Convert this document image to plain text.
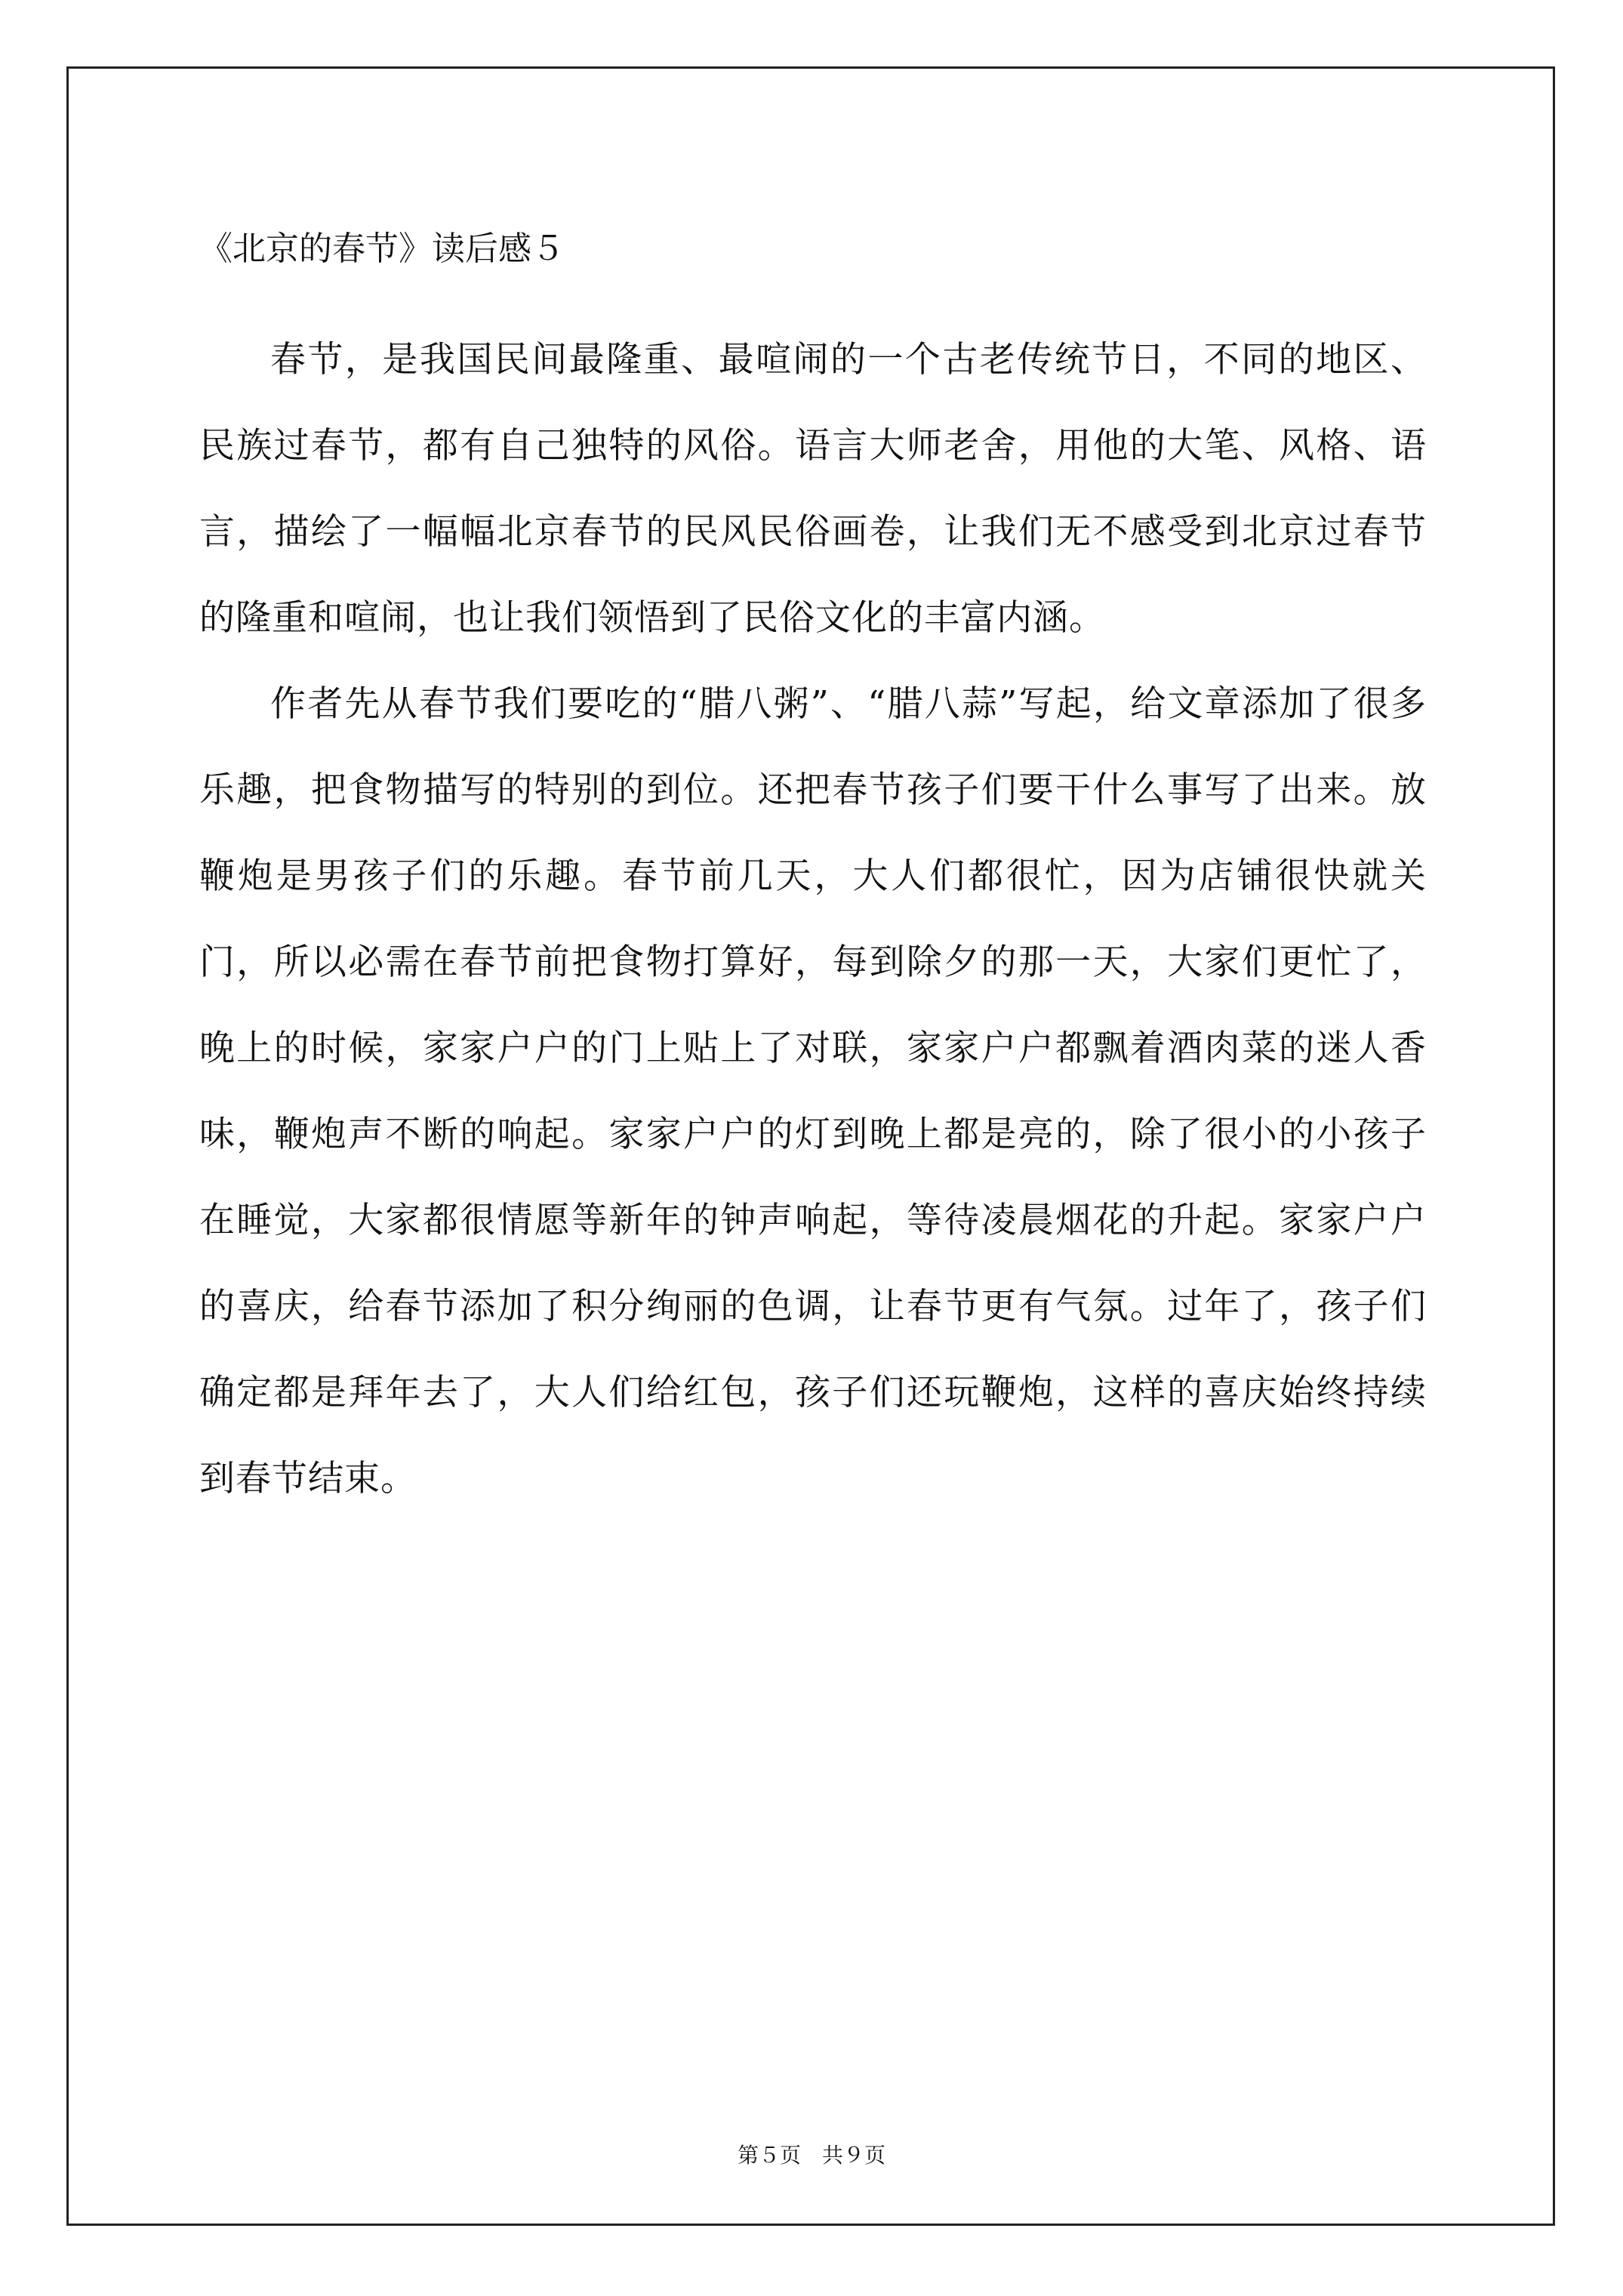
《北京的春节》读后感５

春节，是我国民间最隆重、最喧闹的一个古老传统节日，不同的地区、民族过春节，都有自己独特的风俗。语言大师老舍，用他的大笔、风格、语言，描绘了一幅幅北京春节的民风民俗画卷，让我们无不感受到北京过春节的隆重和喧闹，也让我们领悟到了民俗文化的丰富内涵。

作者先从春节我们要吃的“腊八粥”、“腊八蒜”写起，给文章添加了很多乐趣，把食物描写的特别的到位。还把春节孩子们要干什么事写了出来。放鞭炮是男孩子们的乐趣。春节前几天，大人们都很忙，因为店铺很快就关门，所以必需在春节前把食物打算好，每到除夕的那一天，大家们更忙了，晚上的时候，家家户户的门上贴上了对联，家家户户都飘着酒肉菜的迷人香味，鞭炮声不断的响起。家家户户的灯到晚上都是亮的，除了很小的小孩子在睡觉，大家都很情愿等新年的钟声响起，等待凌晨烟花的升起。家家户户的喜庆，给春节添加了积分绚丽的色调，让春节更有气氛。过年了，孩子们确定都是拜年去了，大人们给红包，孩子们还玩鞭炮，这样的喜庆始终持续到春节结束。

第５页　共９页
